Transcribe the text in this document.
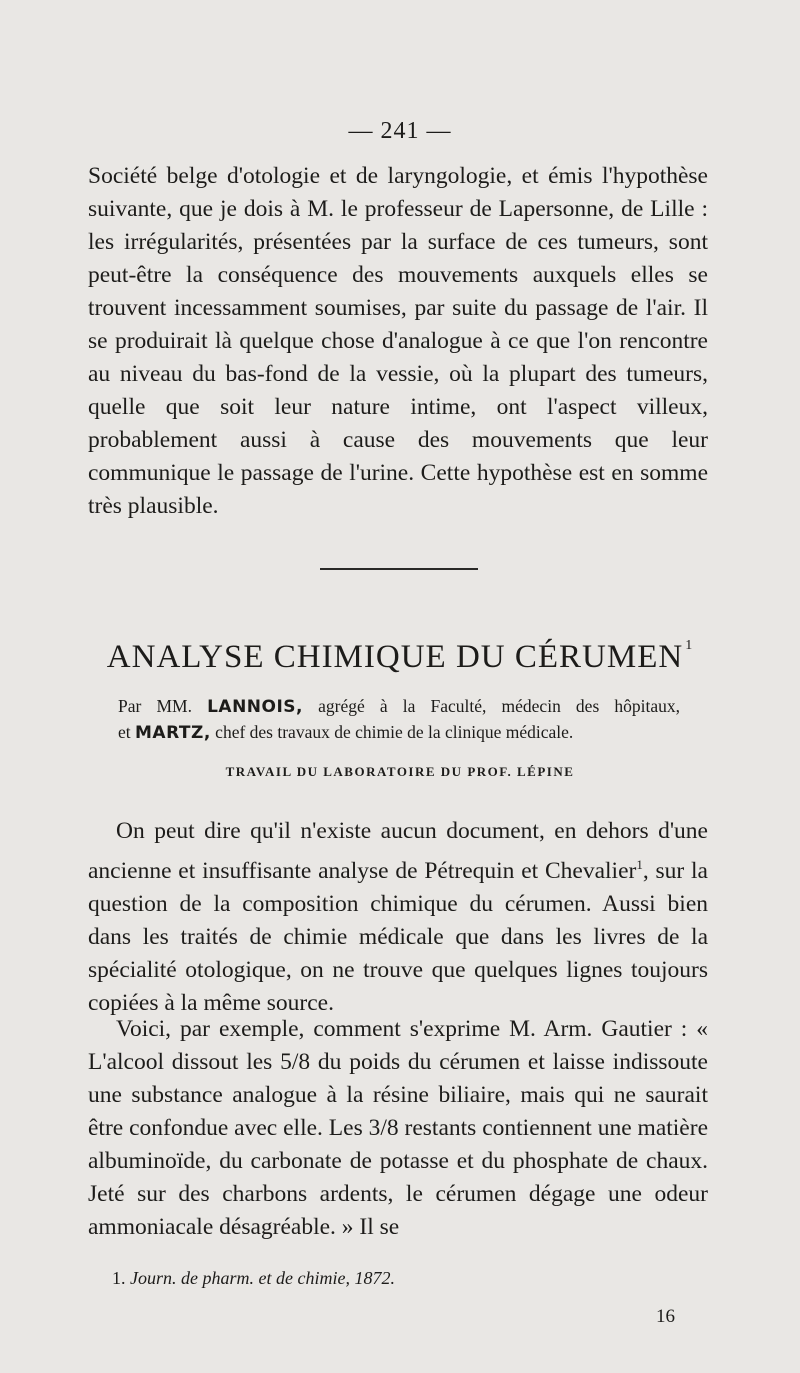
— 241 —

Société belge d'otologie et de laryngologie, et émis l'hypothèse suivante, que je dois à M. le professeur de Lapersonne, de Lille : les irrégularités, présentées par la surface de ces tumeurs, sont peut-être la conséquence des mouvements auxquels elles se trouvent incessamment soumises, par suite du passage de l'air. Il se produirait là quelque chose d'analogue à ce que l'on rencontre au niveau du bas-fond de la vessie, où la plupart des tumeurs, quelle que soit leur nature intime, ont l'aspect villeux, probablement aussi à cause des mouvements que leur communique le passage de l'urine. Cette hypothèse est en somme très plausible.

ANALYSE CHIMIQUE DU CÉRUMEN $^1$
Par MM. LANNOIS, agrégé à la Faculté, médecin des hôpitaux,
et MARTZ, chef des travaux de chimie de la clinique médicale.
TRAVAIL DU LABORATOIRE DU PROF. LÉPINE

On peut dire qu'il n'existe aucun document, en dehors d'une ancienne et insuffisante analyse de Pétrequin et Chevalier$^1$, sur la question de la composition chimique du cérumen. Aussi bien dans les traités de chimie médicale que dans les livres de la spécialité otologique, on ne trouve que quelques lignes toujours copiées à la même source.

Voici, par exemple, comment s'exprime M. Arm. Gautier : « L'alcool dissout les 5/8 du poids du cérumen et laisse indissoute une substance analogue à la résine biliaire, mais qui ne saurait être confondue avec elle. Les 3/8 restants contiennent une matière albuminoïde, du carbonate de potasse et du phosphate de chaux. Jeté sur des charbons ardents, le cérumen dégage une odeur ammoniacale désagréable. » Il se

1. Journ. de pharm. et de chimie, 1872.
16
